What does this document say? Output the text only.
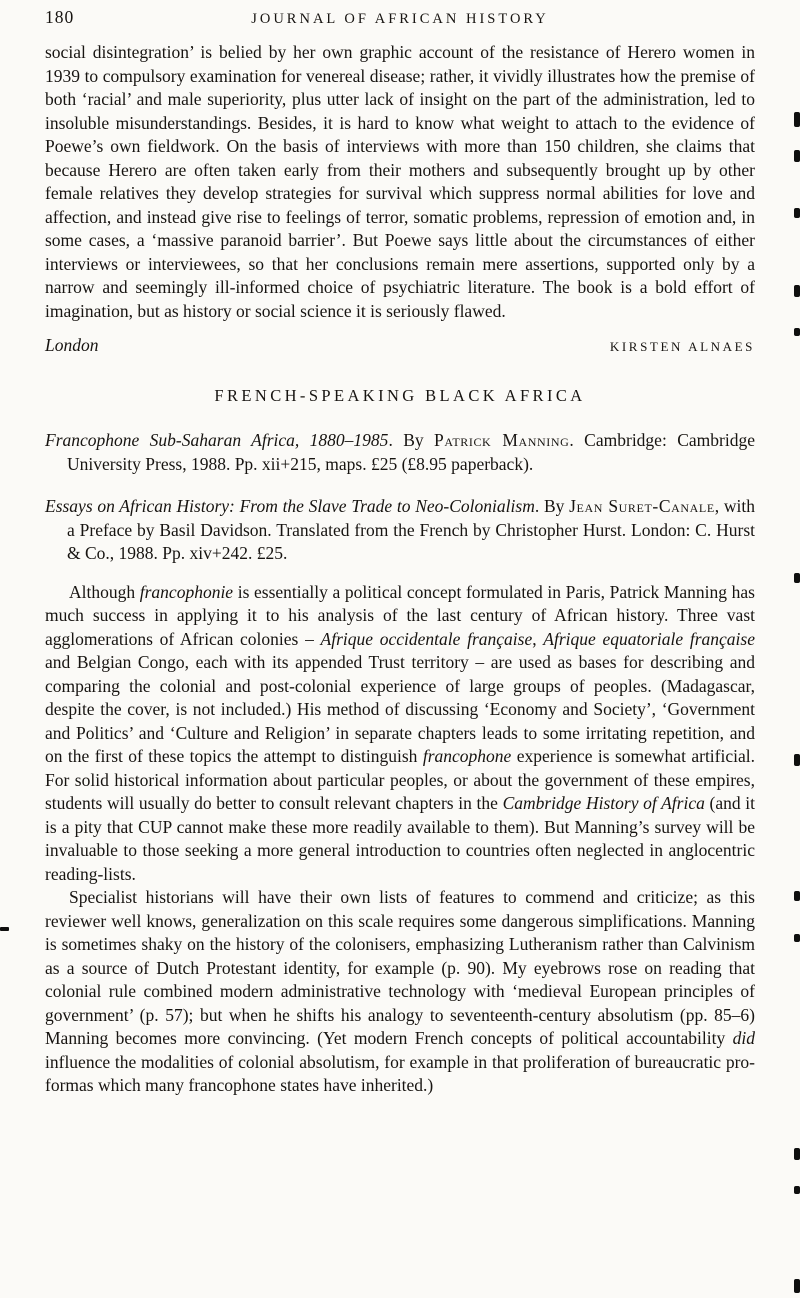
180	JOURNAL OF AFRICAN HISTORY

social disintegration’ is belied by her own graphic account of the resistance of Herero women in 1939 to compulsory examination for venereal disease; rather, it vividly illustrates how the premise of both ‘racial’ and male superiority, plus utter lack of insight on the part of the administration, led to insoluble misunderstandings. Besides, it is hard to know what weight to attach to the evidence of Poewe’s own fieldwork. On the basis of interviews with more than 150 children, she claims that because Herero are often taken early from their mothers and subsequently brought up by other female relatives they develop strategies for survival which suppress normal abilities for love and affection, and instead give rise to feelings of terror, somatic problems, repression of emotion and, in some cases, a ‘massive paranoid barrier’. But Poewe says little about the circumstances of either interviews or interviewees, so that her conclusions remain mere assertions, supported only by a narrow and seemingly ill-informed choice of psychiatric literature. The book is a bold effort of imagination, but as history or social science it is seriously flawed.

London	KIRSTEN ALNAES
FRENCH-SPEAKING BLACK AFRICA

Francophone Sub-Saharan Africa, 1880–1985. By Patrick Manning. Cambridge: Cambridge University Press, 1988. Pp. xii+215, maps. £25 (£8.95 paperback).

Essays on African History: From the Slave Trade to Neo-Colonialism. By Jean Suret-Canale, with a Preface by Basil Davidson. Translated from the French by Christopher Hurst. London: C. Hurst & Co., 1988. Pp. xiv+242. £25.

Although francophonie is essentially a political concept formulated in Paris, Patrick Manning has much success in applying it to his analysis of the last century of African history. Three vast agglomerations of African colonies – Afrique occidentale française, Afrique equatoriale française and Belgian Congo, each with its appended Trust territory – are used as bases for describing and comparing the colonial and post-colonial experience of large groups of peoples. (Madagascar, despite the cover, is not included.) His method of discussing ‘Economy and Society’, ‘Government and Politics’ and ‘Culture and Religion’ in separate chapters leads to some irritating repetition, and on the first of these topics the attempt to distinguish francophone experience is somewhat artificial. For solid historical information about particular peoples, or about the government of these empires, students will usually do better to consult relevant chapters in the Cambridge History of Africa (and it is a pity that CUP cannot make these more readily available to them). But Manning’s survey will be invaluable to those seeking a more general introduction to countries often neglected in anglocentric reading-lists.

Specialist historians will have their own lists of features to commend and criticize; as this reviewer well knows, generalization on this scale requires some dangerous simplifications. Manning is sometimes shaky on the history of the colonisers, emphasizing Lutheranism rather than Calvinism as a source of Dutch Protestant identity, for example (p. 90). My eyebrows rose on reading that colonial rule combined modern administrative technology with ‘medieval European principles of government’ (p. 57); but when he shifts his analogy to seventeenth-century absolutism (pp. 85–6) Manning becomes more convincing. (Yet modern French concepts of political accountability did influence the modalities of colonial absolutism, for example in that proliferation of bureaucratic pro-formas which many francophone states have inherited.)
